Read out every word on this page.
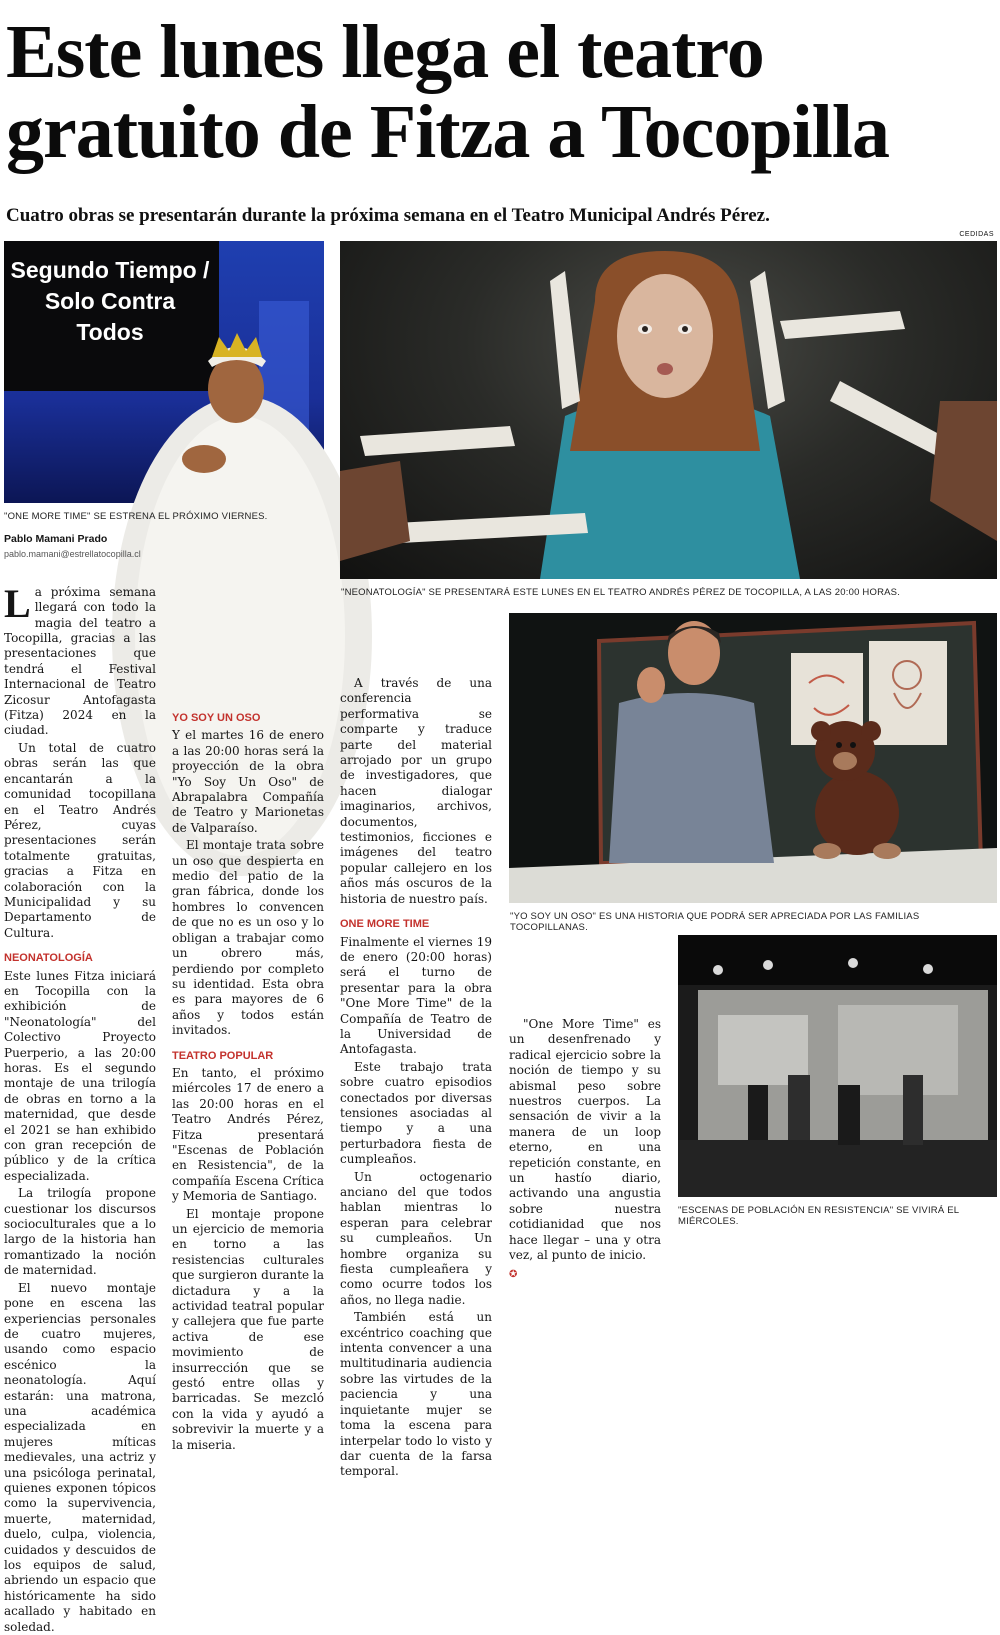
Este lunes llega el teatro gratuito de Fitza a Tocopilla
Cuatro obras se presentarán durante la próxima semana en el Teatro Municipal Andrés Pérez.
CEDIDAS
Segundo Tiempo / Solo Contra Todos
"ONE MORE TIME" SE ESTRENA EL PRÓXIMO VIERNES.
"NEONATOLOGÍA" SE PRESENTARÁ ESTE LUNES EN EL TEATRO ANDRÉS PÉREZ DE TOCOPILLA, A LAS 20:00 HORAS.
"YO SOY UN OSO" ES UNA HISTORIA QUE PODRÁ SER APRECIADA POR LAS FAMILIAS TOCOPILLANAS.
"ESCENAS DE POBLACIÓN EN RESISTENCIA" SE VIVIRÁ EL MIÉRCOLES.
Pablo Mamani Prado
pablo.mamani@estrellatocopilla.cl

La próxima semana llegará con todo la magia del teatro a Tocopilla, gracias a las presentaciones que tendrá el Festival Internacional de Teatro Zicosur Antofagasta (Fitza) 2024 en la ciudad.

Un total de cuatro obras serán las que encantarán a la comunidad tocopillana en el Teatro Andrés Pérez, cuyas presentaciones serán totalmente gratuitas, gracias a Fitza en colaboración con la Municipalidad y su Departamento de Cultura.

NEONATOLOGÍA

Este lunes Fitza iniciará en Tocopilla con la exhibición de "Neonatología" del Colectivo Proyecto Puerperio, a las 20:00 horas. Es el segundo montaje de una trilogía de obras en torno a la maternidad, que desde el 2021 se han exhibido con gran recepción de público y de la crítica especializada.

La trilogía propone cuestionar los discursos socioculturales que a lo largo de la historia han romantizado la noción de maternidad.

El nuevo montaje pone en escena las experiencias personales de cuatro mujeres, usando como espacio escénico la neonatología. Aquí estarán: una matrona, una académica especializada en mujeres míticas medievales, una actriz y una psicóloga perinatal, quienes exponen tópicos como la supervivencia, muerte, maternidad, duelo, culpa, violencia, cuidados y descuidos de los equipos de salud, abriendo un espacio que históricamente ha sido acallado y habitado en soledad.

YO SOY UN OSO

Y el martes 16 de enero a las 20:00 horas será la proyección de la obra "Yo Soy Un Oso" de Abrapalabra Compañía de Teatro y Marionetas de Valparaíso.

El montaje trata sobre un oso que despierta en medio del patio de la gran fábrica, donde los hombres lo convencen de que no es un oso y lo obligan a trabajar como un obrero más, perdiendo por completo su identidad. Esta obra es para mayores de 6 años y todos están invitados.

TEATRO POPULAR

En tanto, el próximo miércoles 17 de enero a las 20:00 horas en el Teatro Andrés Pérez, Fitza presentará "Escenas de Población en Resistencia", de la compañía Escena Crítica y Memoria de Santiago.

El montaje propone un ejercicio de memoria en torno a las resistencias culturales que surgieron durante la dictadura y a la actividad teatral popular y callejera que fue parte activa de ese movimiento de insurrección que se gestó entre ollas y barricadas. Se mezcló con la vida y ayudó a sobrevivir la muerte y a la miseria.

A través de una conferencia performativa se comparte y traduce parte del material arrojado por un grupo de investigadores, que hacen dialogar imaginarios, archivos, documentos, testimonios, ficciones e imágenes del teatro popular callejero en los años más oscuros de la historia de nuestro país.

ONE MORE TIME

Finalmente el viernes 19 de enero (20:00 horas) será el turno de presentar para la obra "One More Time" de la Compañía de Teatro de la Universidad de Antofagasta.

Este trabajo trata sobre cuatro episodios conectados por diversas tensiones asociadas al tiempo y a una perturbadora fiesta de cumpleaños.

Un octogenario anciano del que todos hablan mientras lo esperan para celebrar su cumpleaños. Un hombre organiza su fiesta cumpleañera y como ocurre todos los años, no llega nadie.

También está un excéntrico coaching que intenta convencer a una multitudinaria audiencia sobre las virtudes de la paciencia y una inquietante mujer se toma la escena para interpelar todo lo visto y dar cuenta de la farsa temporal.

"One More Time" es un desenfrenado y radical ejercicio sobre la noción de tiempo y su abismal peso sobre nuestros cuerpos. La sensación de vivir a la manera de un loop eterno, en una repetición constante, en un hastío diario, activando una angustia sobre nuestra cotidianidad que nos hace llegar – una y otra vez, al punto de inicio.

✪
